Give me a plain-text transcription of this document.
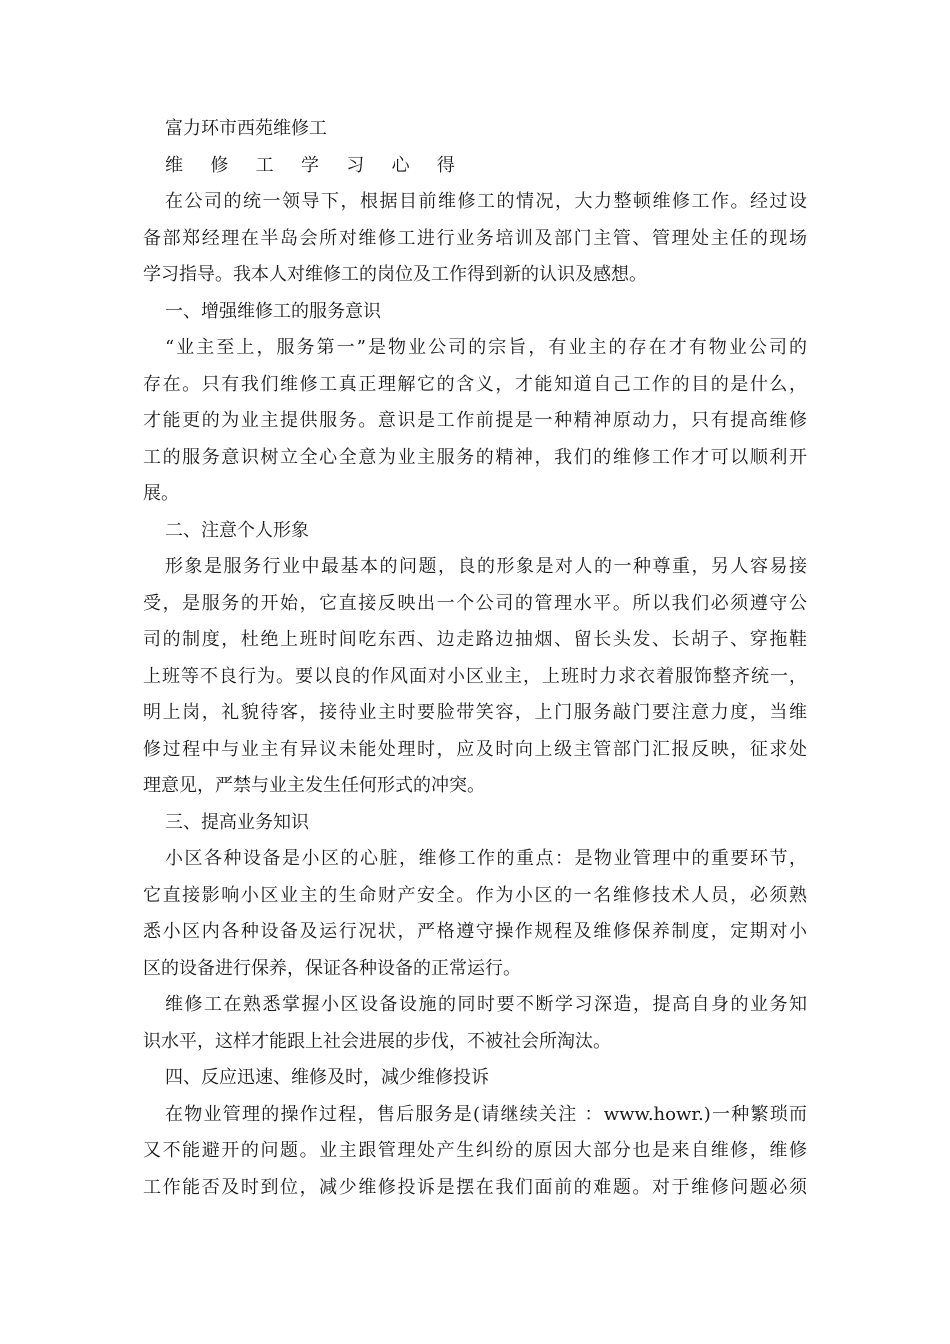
富力环市西苑维修工

维 修 工 学 习 心 得

在公司的统一领导下，根据目前维修工的情况，大力整顿维修工作。经过设

备部郑经理在半岛会所对维修工进行业务培训及部门主管、管理处主任的现场

学习指导。我本人对维修工的岗位及工作得到新的认识及感想。

一、增强维修工的服务意识

“业主至上，服务第一”是物业公司的宗旨，有业主的存在才有物业公司的

存在。只有我们维修工真正理解它的含义，才能知道自己工作的目的是什么，

才能更的为业主提供服务。意识是工作前提是一种精神原动力，只有提高维修

工的服务意识树立全心全意为业主服务的精神，我们的维修工作才可以顺利开

展。

二、注意个人形象

形象是服务行业中最基本的问题，良的形象是对人的一种尊重，另人容易接

受，是服务的开始，它直接反映出一个公司的管理水平。所以我们必须遵守公

司的制度，杜绝上班时间吃东西、边走路边抽烟、留长头发、长胡子、穿拖鞋

上班等不良行为。要以良的作风面对小区业主，上班时力求衣着服饰整齐统一，

明上岗，礼貌待客，接待业主时要脸带笑容，上门服务敲门要注意力度，当维

修过程中与业主有异议未能处理时，应及时向上级主管部门汇报反映，征求处

理意见，严禁与业主发生任何形式的冲突。

三、提高业务知识

小区各种设备是小区的心脏，维修工作的重点：是物业管理中的重要环节，

它直接影响小区业主的生命财产安全。作为小区的一名维修技术人员，必须熟

悉小区内各种设备及运行况状，严格遵守操作规程及维修保养制度，定期对小

区的设备进行保养，保证各种设备的正常运行。

维修工在熟悉掌握小区设备设施的同时要不断学习深造，提高自身的业务知

识水平，这样才能跟上社会进展的步伐，不被社会所淘汰。

四、反应迅速、维修及时，减少维修投诉

在物业管理的操作过程，售后服务是(请继续关注 ：www.howr.)一种繁琐而

又不能避开的问题。业主跟管理处产生纠纷的原因大部分也是来自维修，维修

工作能否及时到位，减少维修投诉是摆在我们面前的难题。对于维修问题必须
